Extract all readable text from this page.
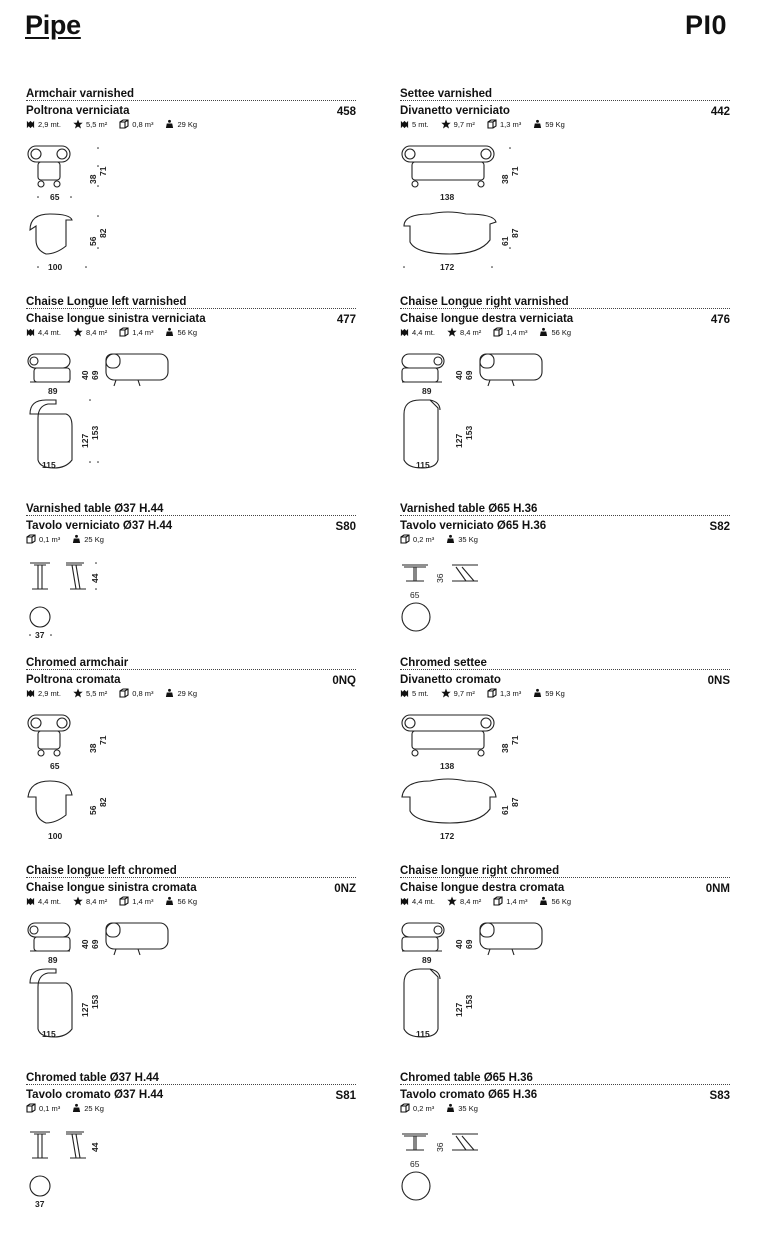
Pipe	PI0
Armchair varnished
Poltrona verniciata	458
2,9 mt.	5,5 m²	0,8 m³	29 Kg
65
100
38
71
56
82
Settee varnished
Divanetto verniciato	442
5 mt.	9,7 m²	1,3 m³	59 Kg
138
172
38
71
61
87
Chaise Longue left varnished
Chaise longue sinistra verniciata	477
4,4 mt.	8,4 m²	1,4 m³	56 Kg
89
115
40 69
127
153
Chaise Longue right varnished
Chaise longue destra verniciata	476
4,4 mt.	8,4 m²	1,4 m³	56 Kg
89
115
40 69
127
153
Varnished table Ø37 H.44
Tavolo verniciato Ø37 H.44	S80
0,1 m³	25 Kg
44
37
Varnished table Ø65 H.36
Tavolo verniciato Ø65 H.36	S82
0,2 m³	35 Kg
36
65
Chromed armchair
Poltrona cromata	0NQ
2,9 mt.	5,5 m²	0,8 m³	29 Kg
65
100
38
71
56
82
Chromed settee
Divanetto cromato	0NS
5 mt.	9,7 m²	1,3 m³	59 Kg
138
172
38
71
61
87
Chaise longue left chromed
Chaise longue sinistra cromata	0NZ
4,4 mt.	8,4 m²	1,4 m³	56 Kg
89
115
40 69
127
153
Chaise longue right chromed
Chaise longue destra cromata	0NM
4,4 mt.	8,4 m²	1,4 m³	56 Kg
89
115
40 69
127
153
Chromed table Ø37 H.44
Tavolo cromato Ø37 H.44	S81
0,1 m³	25 Kg
44
37
Chromed table Ø65 H.36
Tavolo cromato Ø65 H.36	S83
0,2 m³	35 Kg
36
65
